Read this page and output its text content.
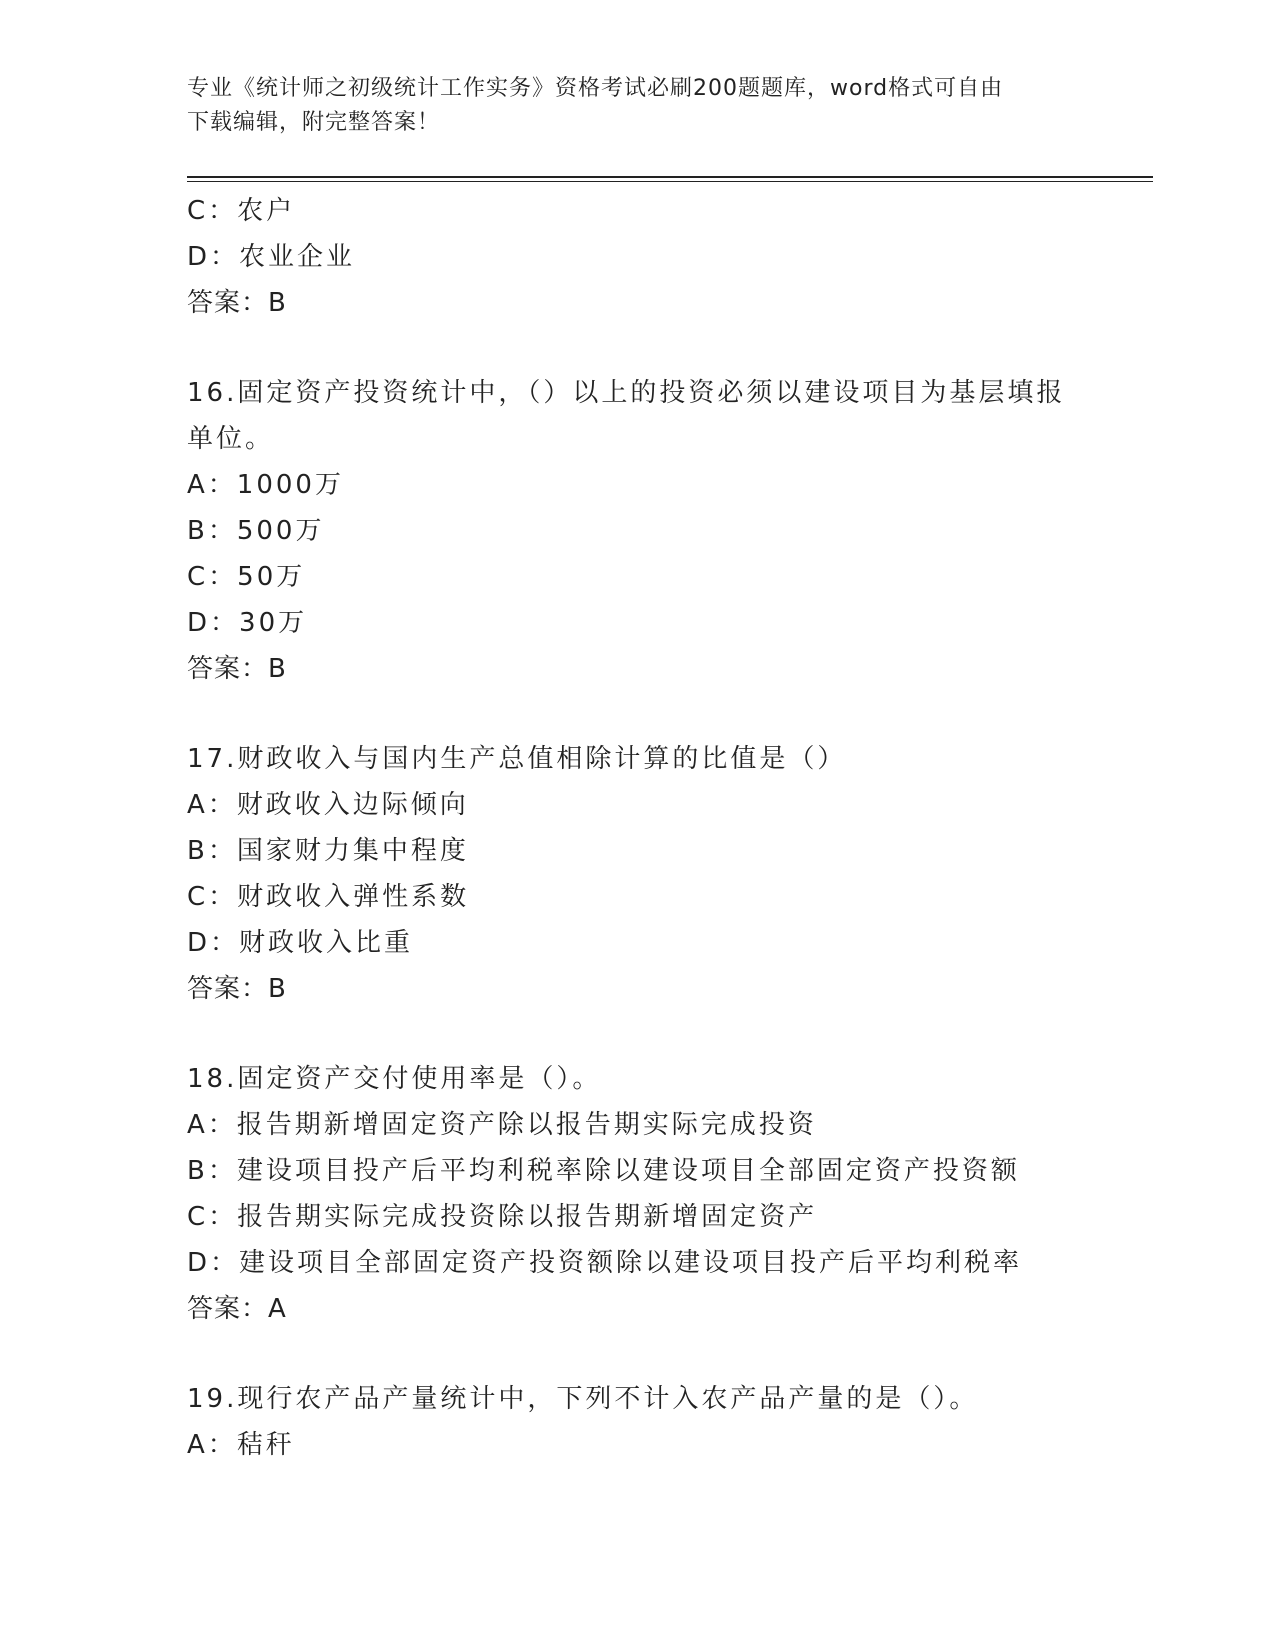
专业《统计师之初级统计工作实务》资格考试必刷200题题库，word格式可自由
下载编辑，附完整答案！
C：农户
D：农业企业
答案：B
16.固定资产投资统计中，（）以上的投资必须以建设项目为基层填报
单位。
A：1000万
B：500万
C：50万
D：30万
答案：B
17.财政收入与国内生产总值相除计算的比值是（）
A：财政收入边际倾向
B：国家财力集中程度
C：财政收入弹性系数
D：财政收入比重
答案：B
18.固定资产交付使用率是（）。
A：报告期新增固定资产除以报告期实际完成投资
B：建设项目投产后平均利税率除以建设项目全部固定资产投资额
C：报告期实际完成投资除以报告期新增固定资产
D：建设项目全部固定资产投资额除以建设项目投产后平均利税率
答案：A
19.现行农产品产量统计中，下列不计入农产品产量的是（）。
A：秸秆
